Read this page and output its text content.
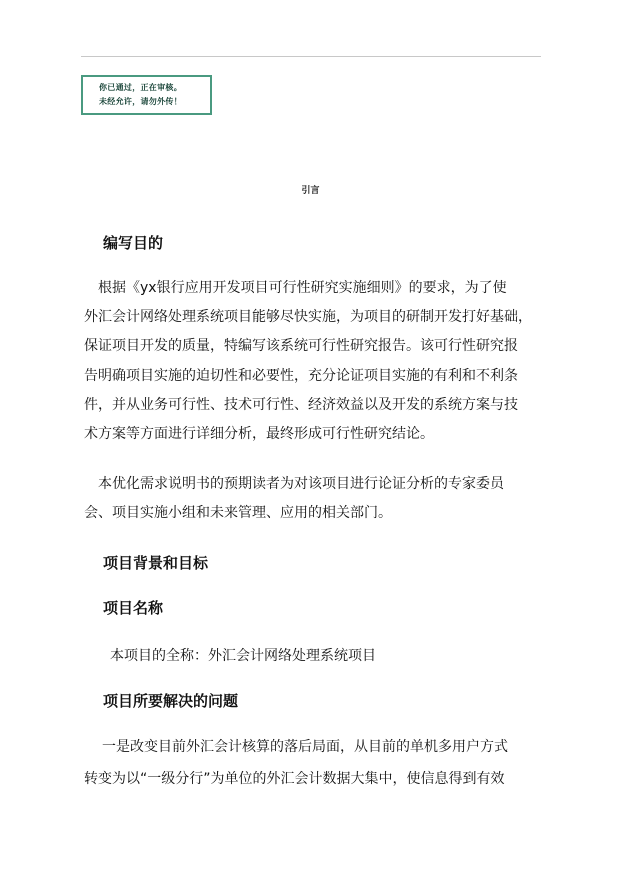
你已通过，正在审核。
未经允许，请勿外传！
引言
编写目的
　根据《yx银行应用开发项目可行性研究实施细则》的要求，为了使
外汇会计网络处理系统项目能够尽快实施，为项目的研制开发打好基础，
保证项目开发的质量，特编写该系统可行性研究报告。该可行性研究报
告明确项目实施的迫切性和必要性，充分论证项目实施的有利和不利条
件，并从业务可行性、技术可行性、经济效益以及开发的系统方案与技
术方案等方面进行详细分析，最终形成可行性研究结论。
　本优化需求说明书的预期读者为对该项目进行论证分析的专家委员
会、项目实施小组和未来管理、应用的相关部门。
项目背景和目标
项目名称
本项目的全称：外汇会计网络处理系统项目
项目所要解决的问题
一是改变目前外汇会计核算的落后局面，从目前的单机多用户方式
转变为以“一级分行”为单位的外汇会计数据大集中，使信息得到有效
